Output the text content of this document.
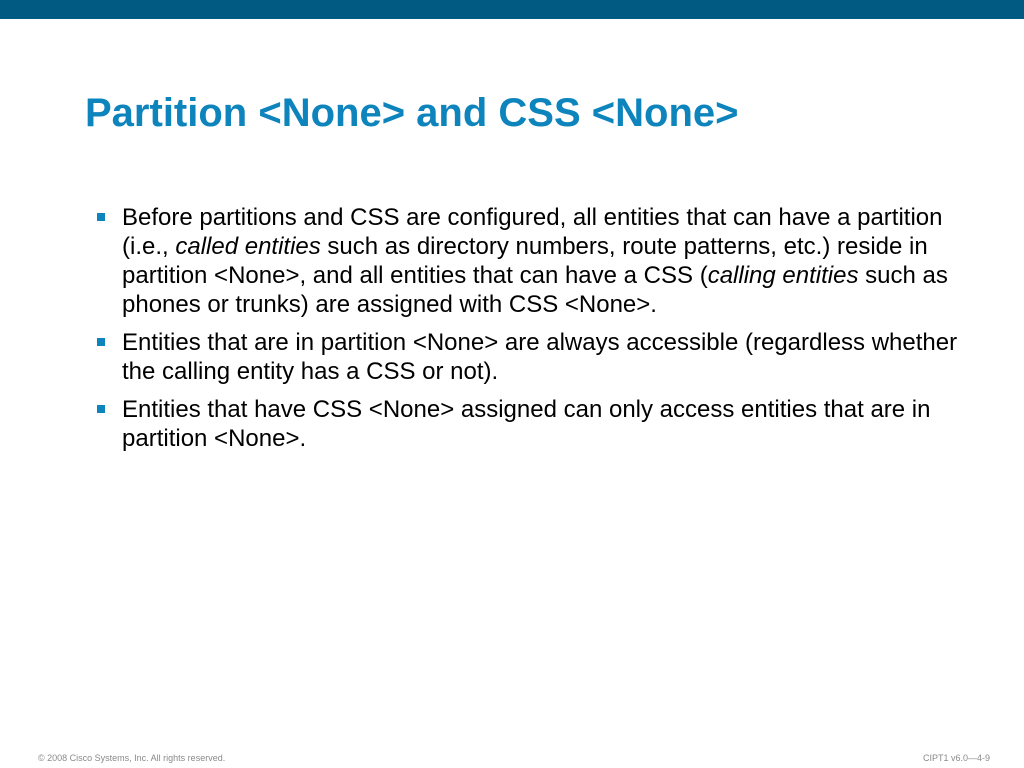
Partition <None> and CSS <None>
Before partitions and CSS are configured, all entities that can have a partition (i.e., called entities such as directory numbers, route patterns, etc.) reside in partition <None>, and all entities that can have a CSS (calling entities such as phones or trunks) are assigned with CSS <None>.
Entities that are in partition <None> are always accessible (regardless whether the calling entity has a CSS or not).
Entities that have CSS <None> assigned can only access entities that are in partition <None>.
© 2008 Cisco Systems, Inc. All rights reserved.	CIPT1 v6.0—4-9
